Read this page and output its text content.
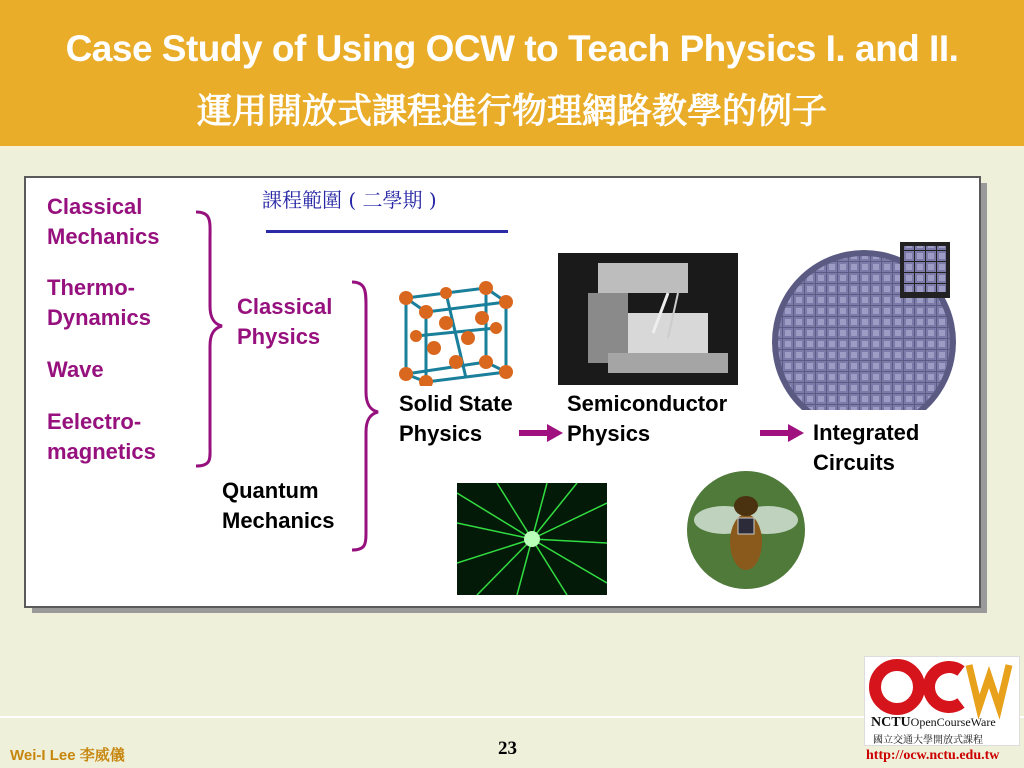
Case Study of Using OCW to Teach Physics I. and II.
運用開放式課程進行物理網路教學的例子
課程範圍 ( 二學期 )
Classical
Mechanics
Thermo-
Dynamics
Wave
Eelectro-
magnetics
Classical
Physics
Quantum
Mechanics
Solid State
Physics
Semiconductor
Physics	Integrated
Circuits
Wei-I Lee 李威儀	23
NCTUOpenCourseWare
國立交通大學開放式課程
http://ocw.nctu.edu.tw
